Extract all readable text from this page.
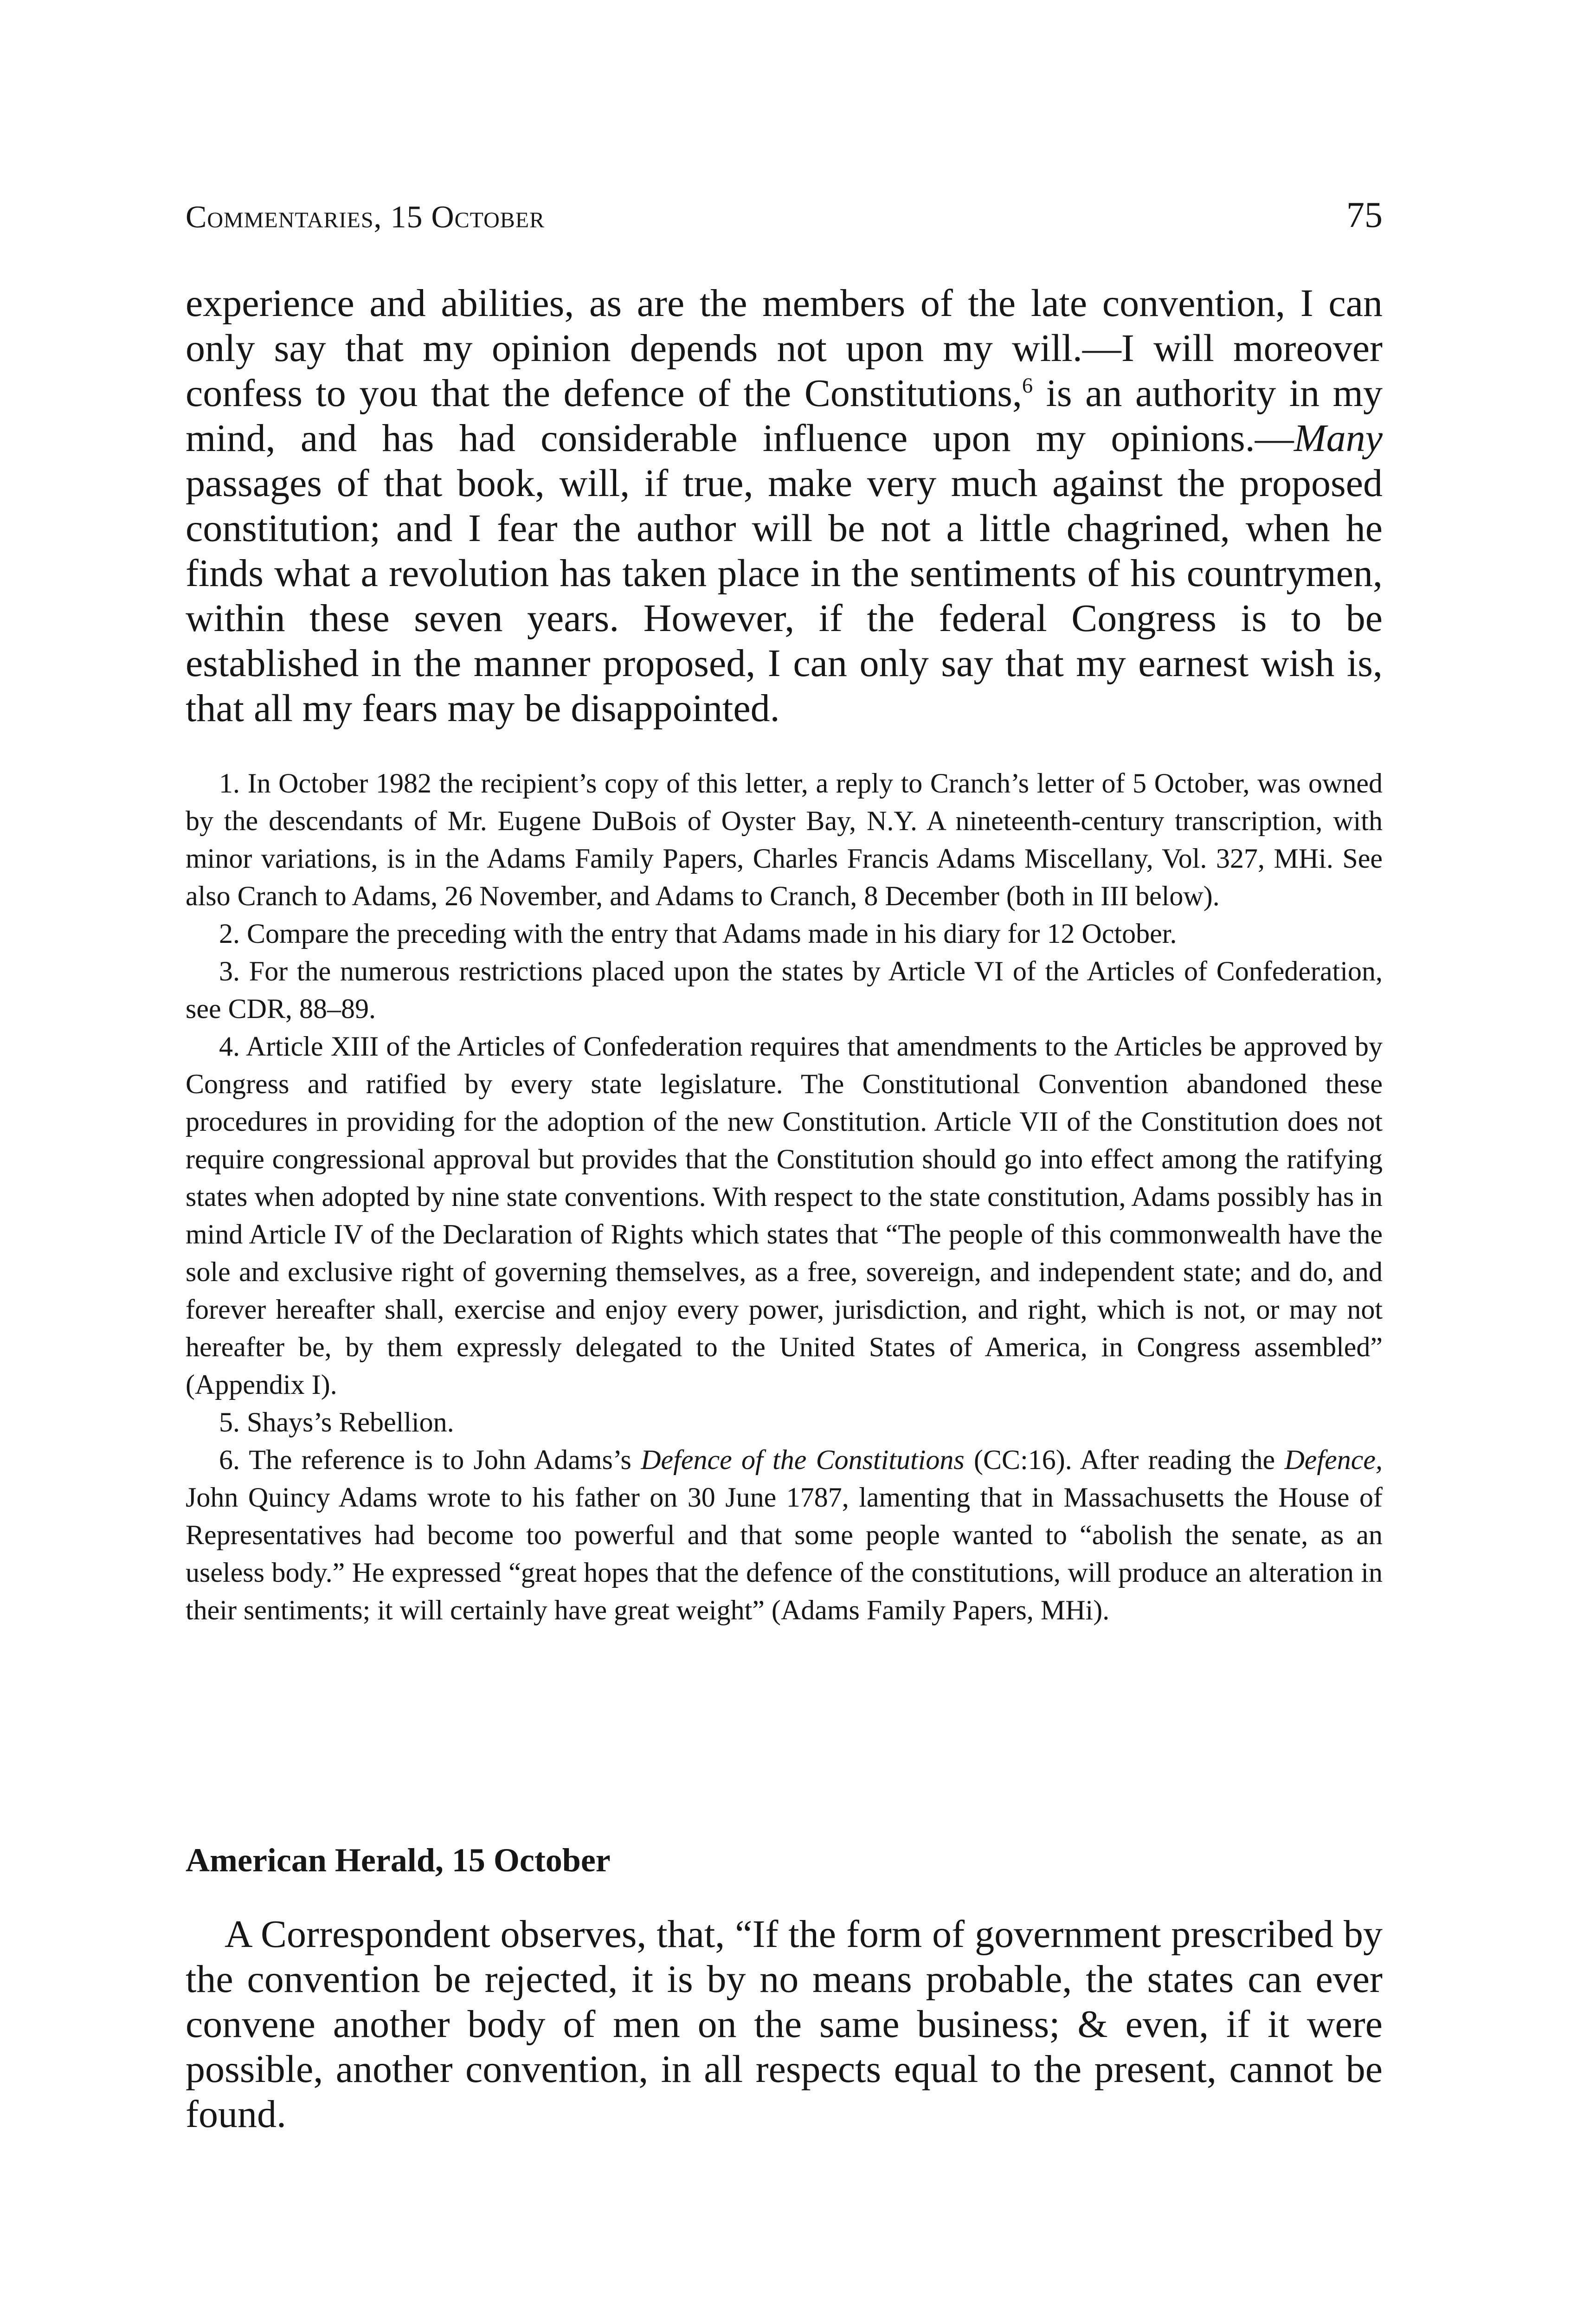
Commentaries, 15 October	75

experience and abilities, as are the members of the late convention, I can only say that my opinion depends not upon my will.—I will moreover confess to you that the defence of the Constitutions,$^6$ is an authority in my mind, and has had considerable influence upon my opinions.—Many passages of that book, will, if true, make very much against the proposed constitution; and I fear the author will be not a little chagrined, when he finds what a revolution has taken place in the sentiments of his countrymen, within these seven years. However, if the federal Congress is to be established in the manner proposed, I can only say that my earnest wish is, that all my fears may be disappointed.

1. In October 1982 the recipient’s copy of this letter, a reply to Cranch’s letter of 5 October, was owned by the descendants of Mr. Eugene DuBois of Oyster Bay, N.Y. A nineteenth-century transcription, with minor variations, is in the Adams Family Papers, Charles Francis Adams Miscellany, Vol. 327, MHi. See also Cranch to Adams, 26 November, and Adams to Cranch, 8 December (both in III below).

2. Compare the preceding with the entry that Adams made in his diary for 12 October.

3. For the numerous restrictions placed upon the states by Article VI of the Articles of Confederation, see CDR, 88–89.

4. Article XIII of the Articles of Confederation requires that amendments to the Articles be approved by Congress and ratified by every state legislature. The Constitutional Convention abandoned these procedures in providing for the adoption of the new Constitution. Article VII of the Constitution does not require congressional approval but provides that the Constitution should go into effect among the ratifying states when adopted by nine state conventions. With respect to the state constitution, Adams possibly has in mind Article IV of the Declaration of Rights which states that “The people of this commonwealth have the sole and exclusive right of governing themselves, as a free, sovereign, and independent state; and do, and forever hereafter shall, exercise and enjoy every power, jurisdiction, and right, which is not, or may not hereafter be, by them expressly delegated to the United States of America, in Congress assembled” (Appendix I).

5. Shays’s Rebellion.

6. The reference is to John Adams’s Defence of the Constitutions (CC:16). After reading the Defence, John Quincy Adams wrote to his father on 30 June 1787, lamenting that in Massachusetts the House of Representatives had become too powerful and that some people wanted to “abolish the senate, as an useless body.” He expressed “great hopes that the defence of the constitutions, will produce an alteration in their sentiments; it will certainly have great weight” (Adams Family Papers, MHi).

American Herald, 15 October

A Correspondent observes, that, “If the form of government prescribed by the convention be rejected, it is by no means probable, the states can ever convene another body of men on the same business; & even, if it were possible, another convention, in all respects equal to the present, cannot be found.
